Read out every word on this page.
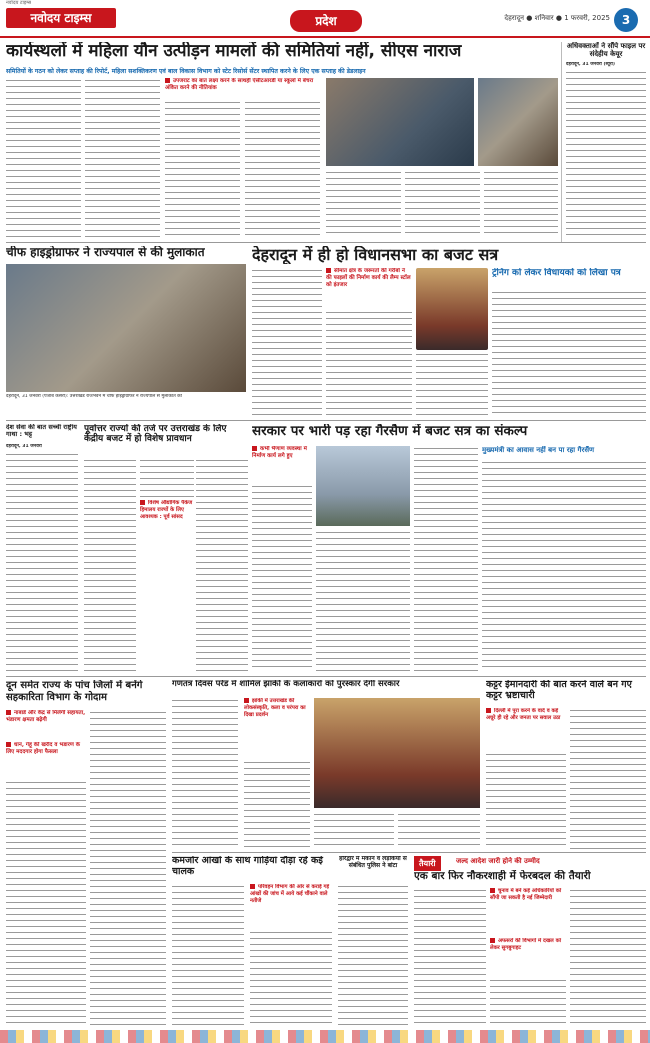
नवोदय टाइम्स
नवोदय टाइम्स	प्रदेश	देहरादून ● शनिवार ● 1 फरवरी, 2025 3
कार्यस्थलों में महिला यौन उत्पीड़न मामलों की समितियां नहीं, सीएस नाराज
समितियों के गठन को लेकर सप्ताह की रिपोर्ट, महिला सशक्तिकरण एवं बाल विकास विभाग को स्टेट रिसोर्स सेंटर स्थापित करने के लिए एक सप्ताह की डेडलाइन
उपजराट का बात लक्ष्य करने के साथही ऐसीटआरडी या स्कूलों में बेचरा अंकित करने की नीतियांक
अधिवक्ताओं ने सौंपे फाइल पर संदेहीय केयूर
देहरादून, 31 जनवरी (ब्यूरो)
चीफ हाइड्रोग्राफर ने राज्यपाल से की मुलाकात
देहरादून, 31 जनवरी (पंजाब केसरी): उत्तराखंड राजभवन में चीफ हाइड्रोग्राफर ने राज्यपाल से मुलाकात की
देहरादून में ही हो विधानसभा का बजट सत्र
सीमांत क्षेत्र के जरूरतों की गरीबों ने की फाइलों की निर्माण कार्य की लैम्प स्टॉल को इंतजार
ट्रेनिंग को लेकर विधायकों को लिखा पत्र
देश सेवा की बात सच्ची राष्ट्रीय गाथा : भट्ट
देहरादून, 31 जनवरी
पूर्वोत्तर राज्यों की तर्ज पर उत्तराखंड के लिए केंद्रीय बजट में हो विशेष प्रावधान
विशेष औद्योगिक पैकेज हिमालय राज्यों के लिए आवश्यक : पूर्व सांसद
सरकार पर भारी पड़ रहा गैरसैण में बजट सत्र का संकल्प
कभी भैणाण व्यवस्था में निर्माण कार्य लगे हुए
मुख्यमंत्री का आवास नहीं बन पा रहा गैरसैंण
दून समेत राज्य के पांच जिलों में बनेंगे सहकारिता विभाग के गोदाम
नाबार्ड और केंद्र से मिलेगी सहायता, भंडारण क्षमता बढ़ेगी
धान, गेहूं की खरीद व भंडारण के लिए मददगार होगा फैसला
गणतंत्र दिवस परेड में शामिल झांकी के कलाकारों को पुरस्कार देगी सरकार
झांकी में उत्तराखंड की लोकसंस्कृति, कला व परंपरा का दिखा प्रदर्शन
कट्टर ईमानदारी की बात करने वाले बन गए कट्टर भ्रष्टाचारी
दिल्ली में पूरा करने के वादे व कई अधूरे ही रहे और जनता पर सवाल उठा
कमजोर आंखों के साथ गाड़ियां दौड़ा रहे कई चालक
परिवहन विभाग की ओर से कराई गई आंखों की जांच में आये कई चौंकाने वाले नतीजे
हरिद्वार में मकान व लड़कियों से संबंधित पुलिस ने बांटा	तैयारी	जल्द आदेश जारी होने की उम्मीद
एक बार फिर नौकरशाही में फेरबदल की तैयारी
चुनाव में बने कई अधिकारियों को सौंपी जा सकती है नई जिम्मेदारी
अफसरों की विभागों में दखल को लेकर सुगबुगाहट
